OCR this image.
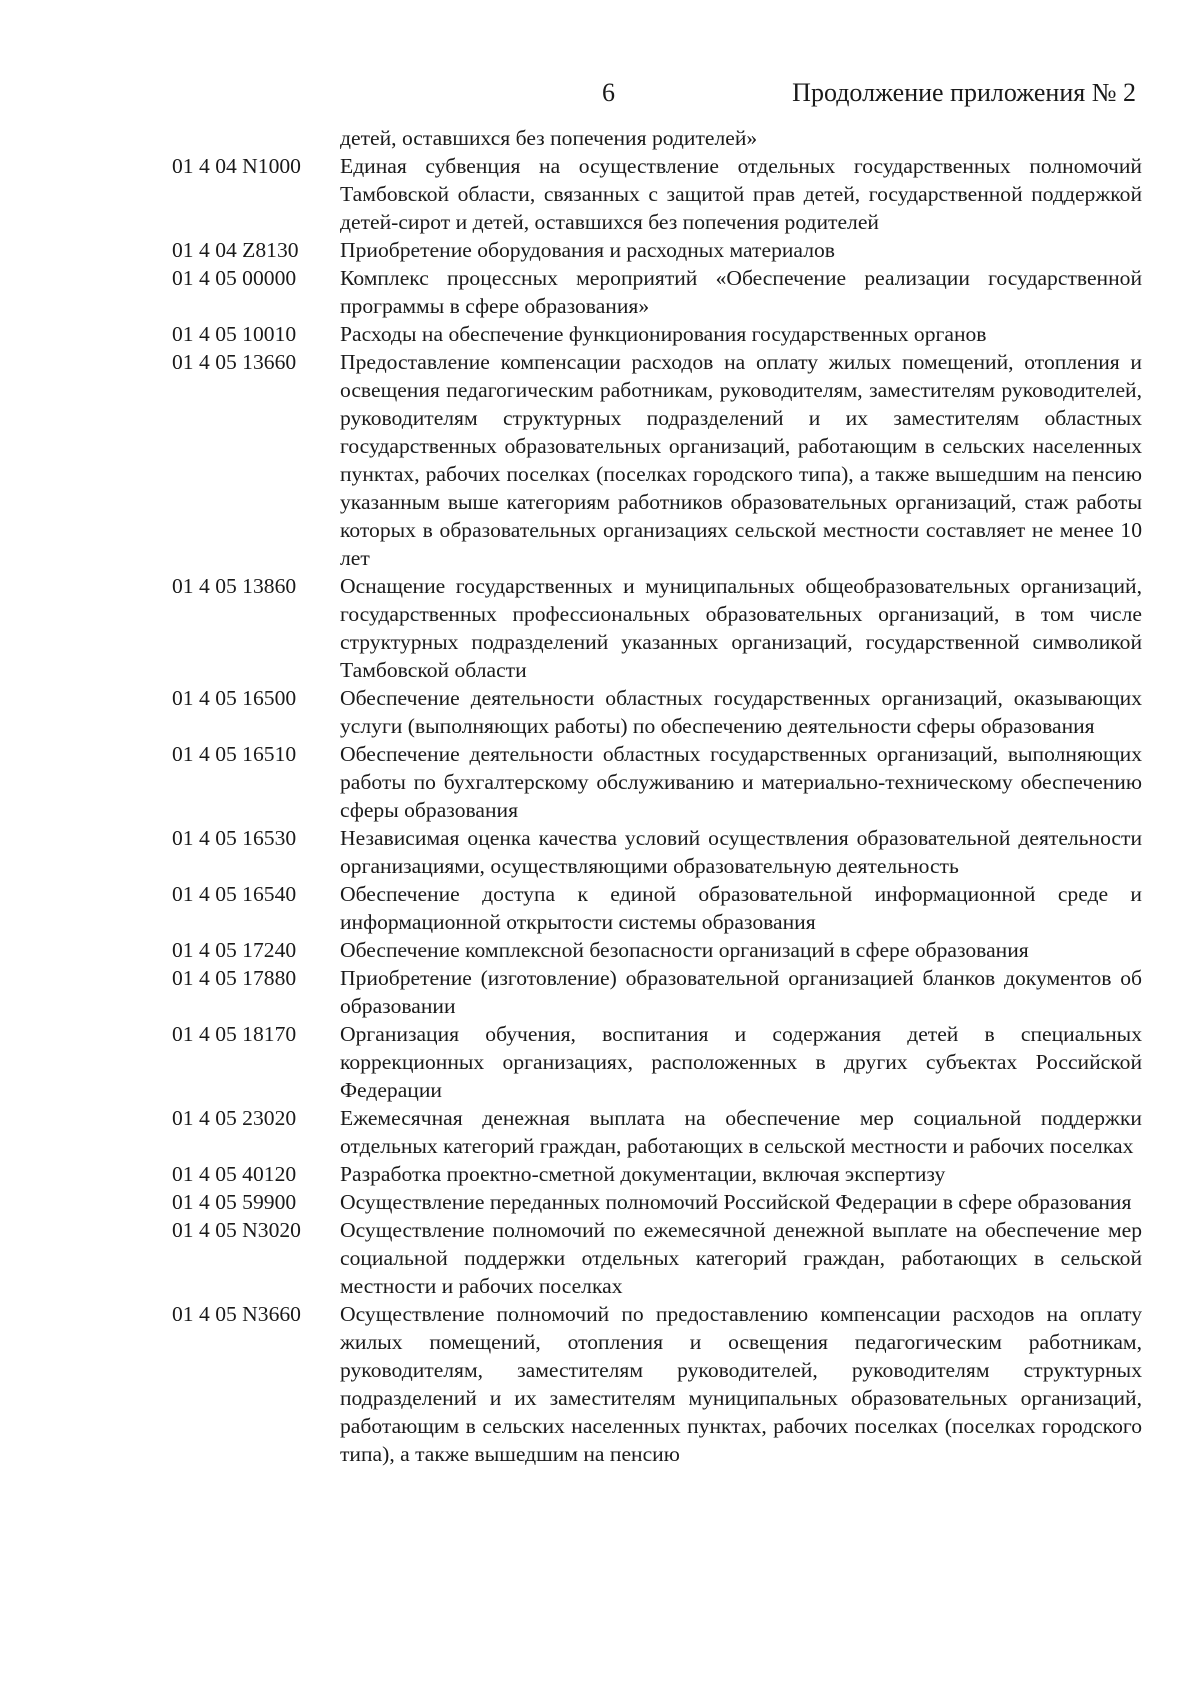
6	Продолжение приложения № 2
детей, оставшихся без попечения родителей»
01 4 04 N1000	Единая субвенция на осуществление отдельных государственных полномочий Тамбовской области, связанных с защитой прав детей, государственной поддержкой детей-сирот и детей, оставшихся без попечения родителей
01 4 04 Z8130	Приобретение оборудования и расходных материалов
01 4 05 00000	Комплекс процессных мероприятий «Обеспечение реализации государственной программы в сфере образования»
01 4 05 10010	Расходы на обеспечение функционирования государственных органов
01 4 05 13660	Предоставление компенсации расходов на оплату жилых помещений, отопления и освещения педагогическим работникам, руководителям, заместителям руководителей, руководителям структурных подразделений и их заместителям областных государственных образовательных организаций, работающим в сельских населенных пунктах, рабочих поселках (поселках городского типа), а также вышедшим на пенсию указанным выше категориям работников образовательных организаций, стаж работы которых в образовательных организациях сельской местности составляет не менее 10 лет
01 4 05 13860	Оснащение государственных и муниципальных общеобразовательных организаций, государственных профессиональных образовательных организаций, в том числе структурных подразделений указанных организаций, государственной символикой Тамбовской области
01 4 05 16500	Обеспечение деятельности областных государственных организаций, оказывающих услуги (выполняющих работы) по обеспечению деятельности сферы образования
01 4 05 16510	Обеспечение деятельности областных государственных организаций, выполняющих работы по бухгалтерскому обслуживанию и материально-техническому обеспечению сферы образования
01 4 05 16530	Независимая оценка качества условий осуществления образовательной деятельности организациями, осуществляющими образовательную деятельность
01 4 05 16540	Обеспечение доступа к единой образовательной информационной среде и информационной открытости системы образования
01 4 05 17240	Обеспечение комплексной безопасности организаций в сфере образования
01 4 05 17880	Приобретение (изготовление) образовательной организацией бланков документов об образовании
01 4 05 18170	Организация обучения, воспитания и содержания детей в специальных коррекционных организациях, расположенных в других субъектах Российской Федерации
01 4 05 23020	Ежемесячная денежная выплата на обеспечение мер социальной поддержки отдельных категорий граждан, работающих в сельской местности и рабочих поселках
01 4 05 40120	Разработка проектно-сметной документации, включая экспертизу
01 4 05 59900	Осуществление переданных полномочий Российской Федерации в сфере образования
01 4 05 N3020	Осуществление полномочий по ежемесячной денежной выплате на обеспечение мер социальной поддержки отдельных категорий граждан, работающих в сельской местности и рабочих поселках
01 4 05 N3660	Осуществление полномочий по предоставлению компенсации расходов на оплату жилых помещений, отопления и освещения педагогическим работникам, руководителям, заместителям руководителей, руководителям структурных подразделений и их заместителям муниципальных образовательных организаций, работающим в сельских населенных пунктах, рабочих поселках (поселках городского типа), а также вышедшим на пенсию
